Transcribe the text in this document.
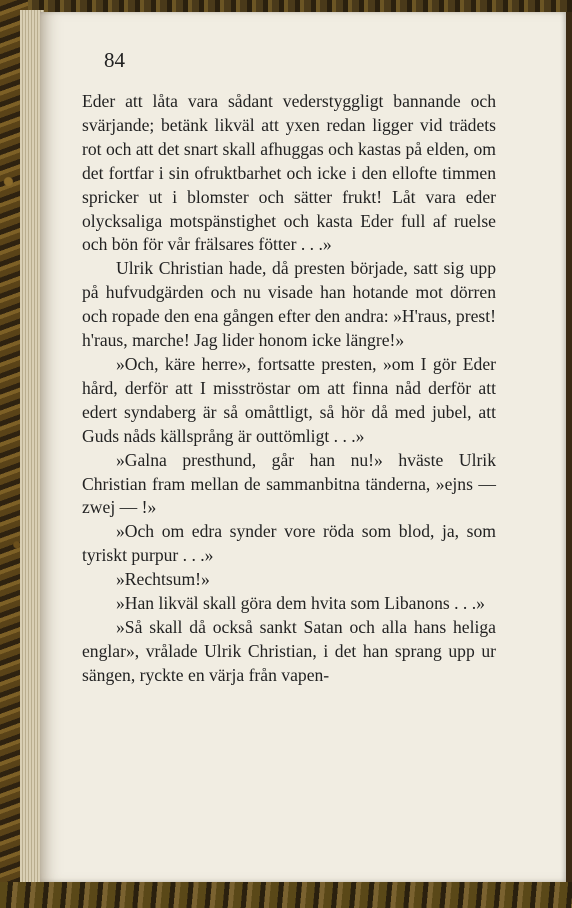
84

Eder att låta vara sådant vederstyggligt bannande och svärjande; betänk likväl att yxen redan ligger vid trädets rot och att det snart skall afhuggas och kastas på elden, om det fortfar i sin ofruktbarhet och icke i den ellofte timmen spricker ut i blomster och sätter frukt! Låt vara eder olycksaliga motspänstighet och kasta Eder full af ruelse och bön för vår frälsares fötter . . .»

Ulrik Christian hade, då presten började, satt sig upp på hufvudgärden och nu visade han hotande mot dörren och ropade den ena gången efter den andra: »H'raus, prest! h'raus, marche! Jag lider honom icke längre!»

»Och, käre herre», fortsatte presten, »om I gör Eder hård, derför att I misströstar om att finna nåd derför att edert syndaberg är så omåttligt, så hör då med jubel, att Guds nåds källsprång är outtömligt . . .»

»Galna presthund, går han nu!» hväste Ulrik Christian fram mellan de sammanbitna tänderna, »ejns — zwej — !»

»Och om edra synder vore röda som blod, ja, som tyriskt purpur . . .»

»Rechtsum!»

»Han likväl skall göra dem hvita som Libanons . . .»

»Så skall då också sankt Satan och alla hans heliga englar», vrålade Ulrik Christian, i det han sprang upp ur sängen, ryckte en värja från vapen-
